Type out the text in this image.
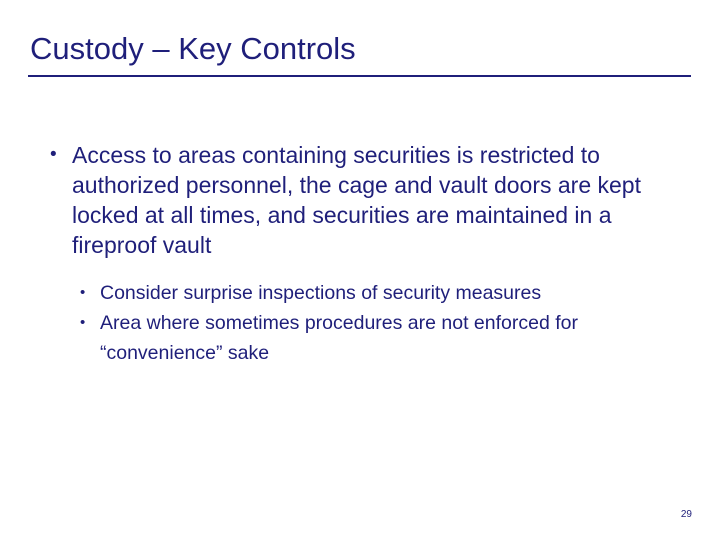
Custody – Key Controls
• Access to areas containing securities is restricted to authorized personnel, the cage and vault doors are kept locked at all times, and securities are maintained in a fireproof vault
• Consider surprise inspections of security measures
• Area where sometimes procedures are not enforced for “convenience” sake
29
